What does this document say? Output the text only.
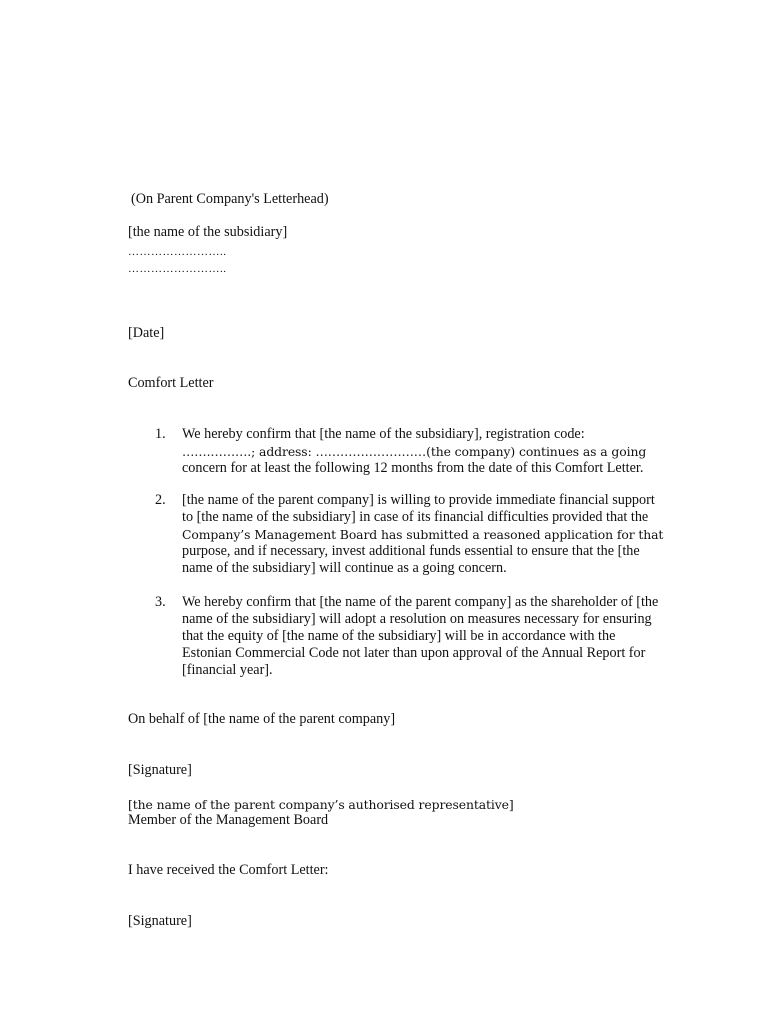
(On Parent Company's Letterhead)
[the name of the subsidiary]
……………………..
……………………..
[Date]
Comfort Letter
1.	We hereby confirm that [the name of the subsidiary], registration code:
…….……….; address: ………………………(the company) continues as a going
concern for at least the following 12 months from the date of this Comfort Letter.
2.	[the name of the parent company] is willing to provide immediate financial support
to [the name of the subsidiary] in case of its financial difficulties provided that the
Company’s Management Board has submitted a reasoned application for that
purpose, and if necessary, invest additional funds essential to ensure that the [the
name of the subsidiary] will continue as a going concern.
3.	We hereby confirm that [the name of the parent company] as the shareholder of [the
name of the subsidiary] will adopt a resolution on measures necessary for ensuring
that the equity of [the name of the subsidiary] will be in accordance with the
Estonian Commercial Code not later than upon approval of the Annual Report for
[financial year].
On behalf of [the name of the parent company]
[Signature]
[the name of the parent company’s authorised representative]
Member of the Management Board
I have received the Comfort Letter:
[Signature]
